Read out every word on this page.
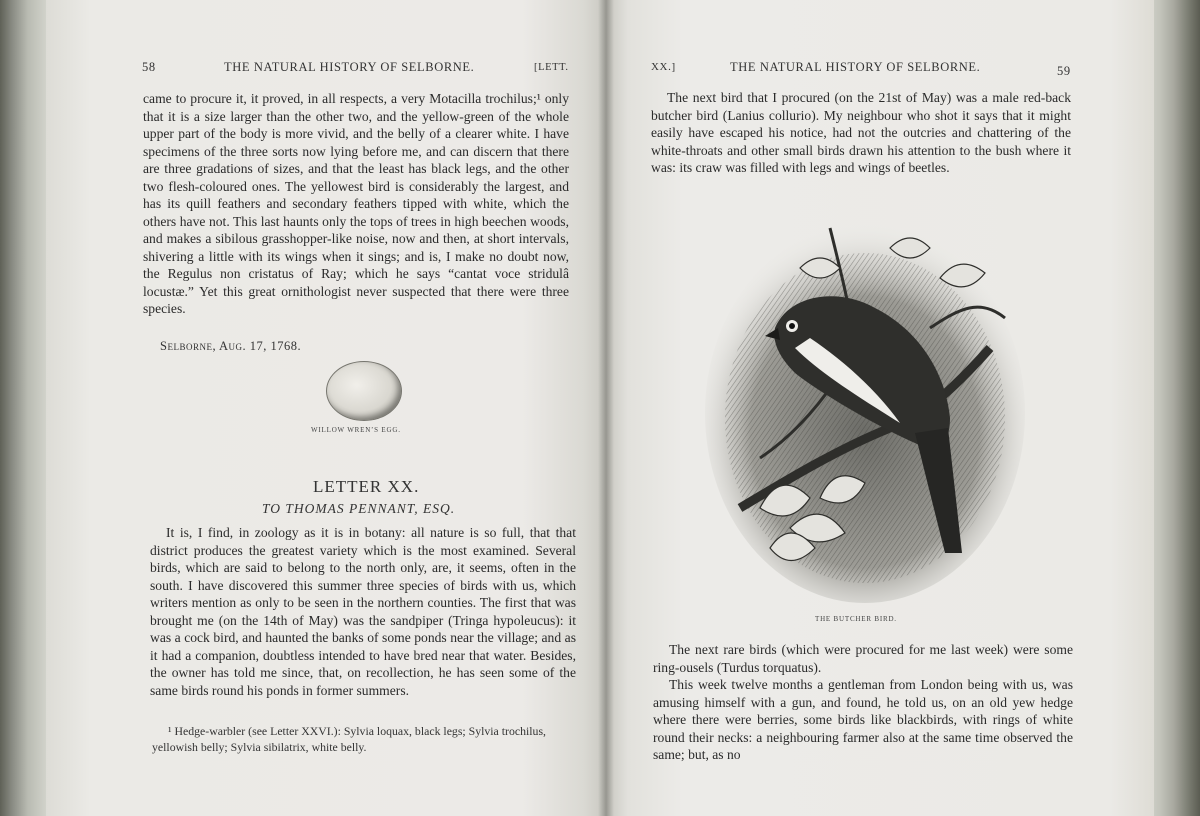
58	THE NATURAL HISTORY OF SELBORNE.	[LETT.

came to procure it, it proved, in all respects, a very Motacilla trochilus;¹ only that it is a size larger than the other two, and the yellow-green of the whole upper part of the body is more vivid, and the belly of a clearer white. I have specimens of the three sorts now lying before me, and can discern that there are three gradations of sizes, and that the least has black legs, and the other two flesh-coloured ones. The yellowest bird is considerably the largest, and has its quill feathers and secondary feathers tipped with white, which the others have not. This last haunts only the tops of trees in high beechen woods, and makes a sibilous grasshopper-like noise, now and then, at short intervals, shivering a little with its wings when it sings; and is, I make no doubt now, the Regulus non cristatus of Ray; which he says “cantat voce stridulâ locustæ.” Yet this great ornithologist never suspected that there were three species.

Selborne, Aug. 17, 1768.
WILLOW WREN’S EGG.
LETTER XX.
TO THOMAS PENNANT, ESQ.

It is, I find, in zoology as it is in botany: all nature is so full, that that district produces the greatest variety which is the most examined. Several birds, which are said to belong to the north only, are, it seems, often in the south. I have discovered this summer three species of birds with us, which writers mention as only to be seen in the northern counties. The first that was brought me (on the 14th of May) was the sandpiper (Tringa hypoleucus): it was a cock bird, and haunted the banks of some ponds near the village; and as it had a companion, doubtless intended to have bred near that water. Besides, the owner has told me since, that, on recollection, he has seen some of the same birds round his ponds in former summers.

¹ Hedge-warbler (see Letter XXVI.): Sylvia loquax, black legs; Sylvia trochilus, yellowish belly; Sylvia sibilatrix, white belly.

XX.]	THE NATURAL HISTORY OF SELBORNE.	59

The next bird that I procured (on the 21st of May) was a male red-back butcher bird (Lanius collurio). My neighbour who shot it says that it might easily have escaped his notice, had not the outcries and chattering of the white-throats and other small birds drawn his attention to the bush where it was: its craw was filled with legs and wings of beetles.

THE BUTCHER BIRD.

The next rare birds (which were procured for me last week) were some ring-ousels (Turdus torquatus).

This week twelve months a gentleman from London being with us, was amusing himself with a gun, and found, he told us, on an old yew hedge where there were berries, some birds like blackbirds, with rings of white round their necks: a neighbouring farmer also at the same time observed the same; but, as no
